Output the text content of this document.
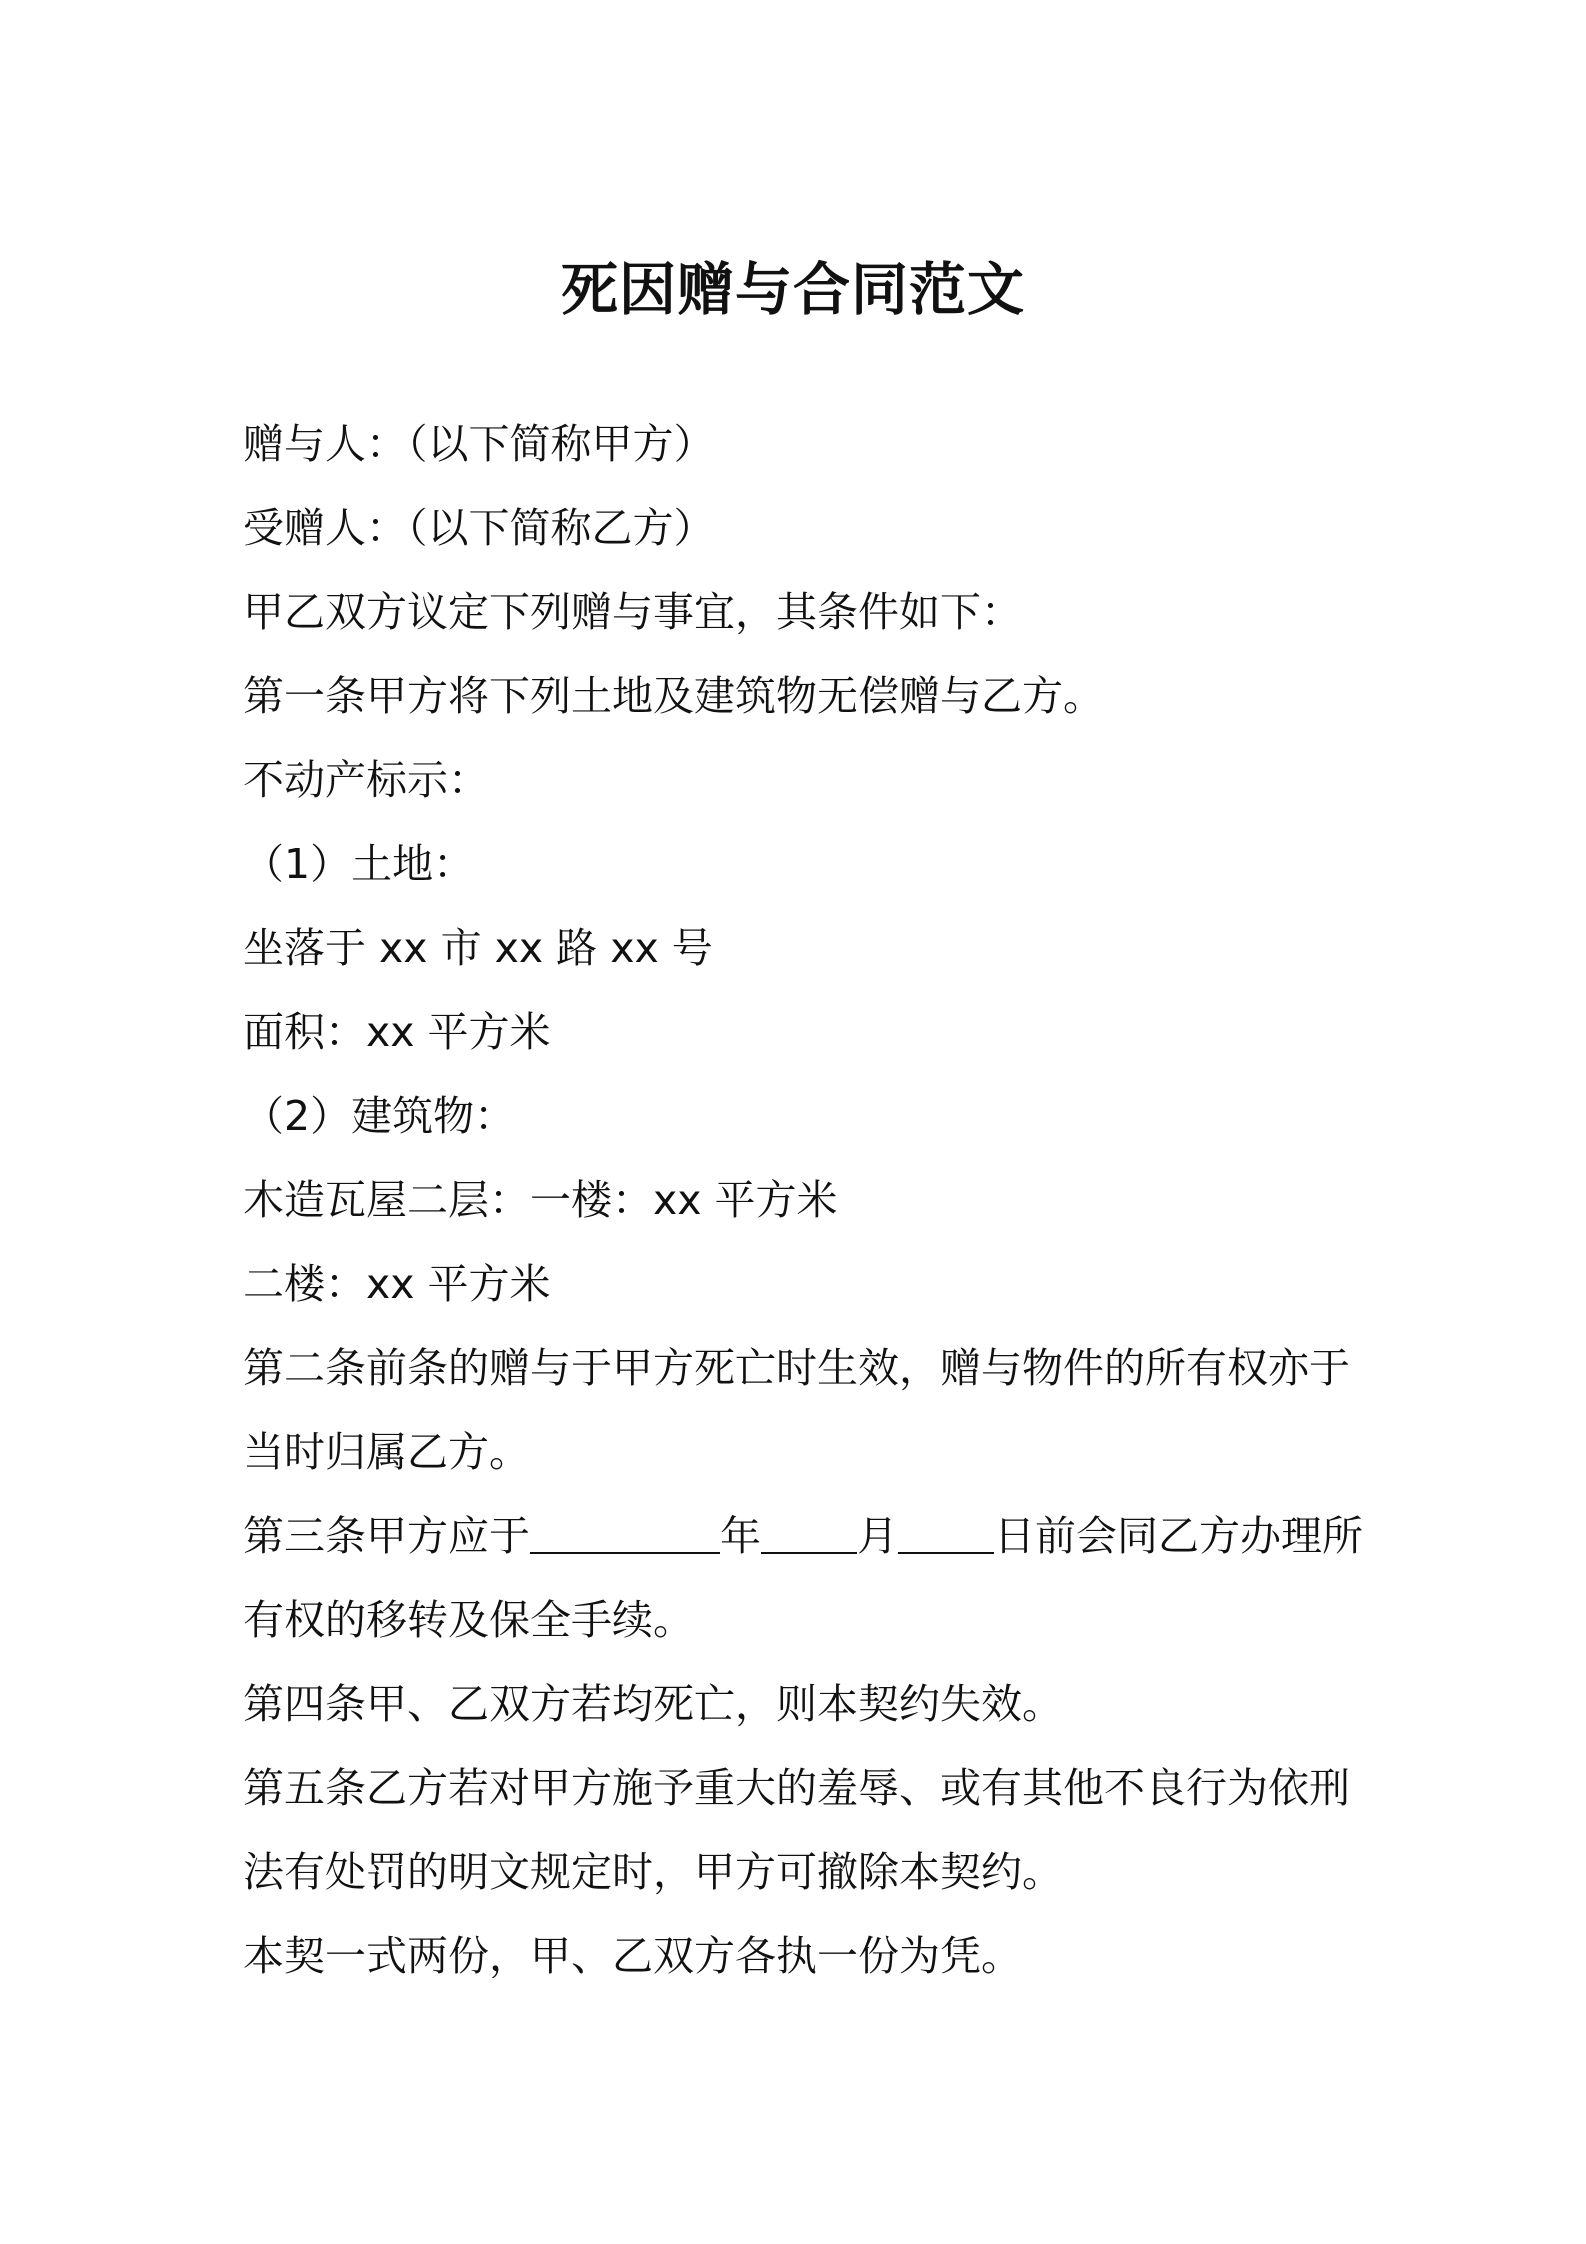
死因赠与合同范文

赠与人：（以下简称甲方）

受赠人：（以下简称乙方）

甲乙双方议定下列赠与事宜，其条件如下：

第一条甲方将下列土地及建筑物无偿赠与乙方。

不动产标示：

（1）土地：

坐落于 xx 市 xx 路 xx 号

面积：xx 平方米

（2）建筑物：

木造瓦屋二层：一楼：xx 平方米

二楼：xx 平方米

第二条前条的赠与于甲方死亡时生效，赠与物件的所有权亦于当时归属乙方。

第三条甲方应于	年 月 日前会同乙方办理所有权的移转及保全手续。

第四条甲、乙双方若均死亡，则本契约失效。

第五条乙方若对甲方施予重大的羞辱、或有其他不良行为依刑法有处罚的明文规定时，甲方可撤除本契约。

本契一式两份，甲、乙双方各执一份为凭。
